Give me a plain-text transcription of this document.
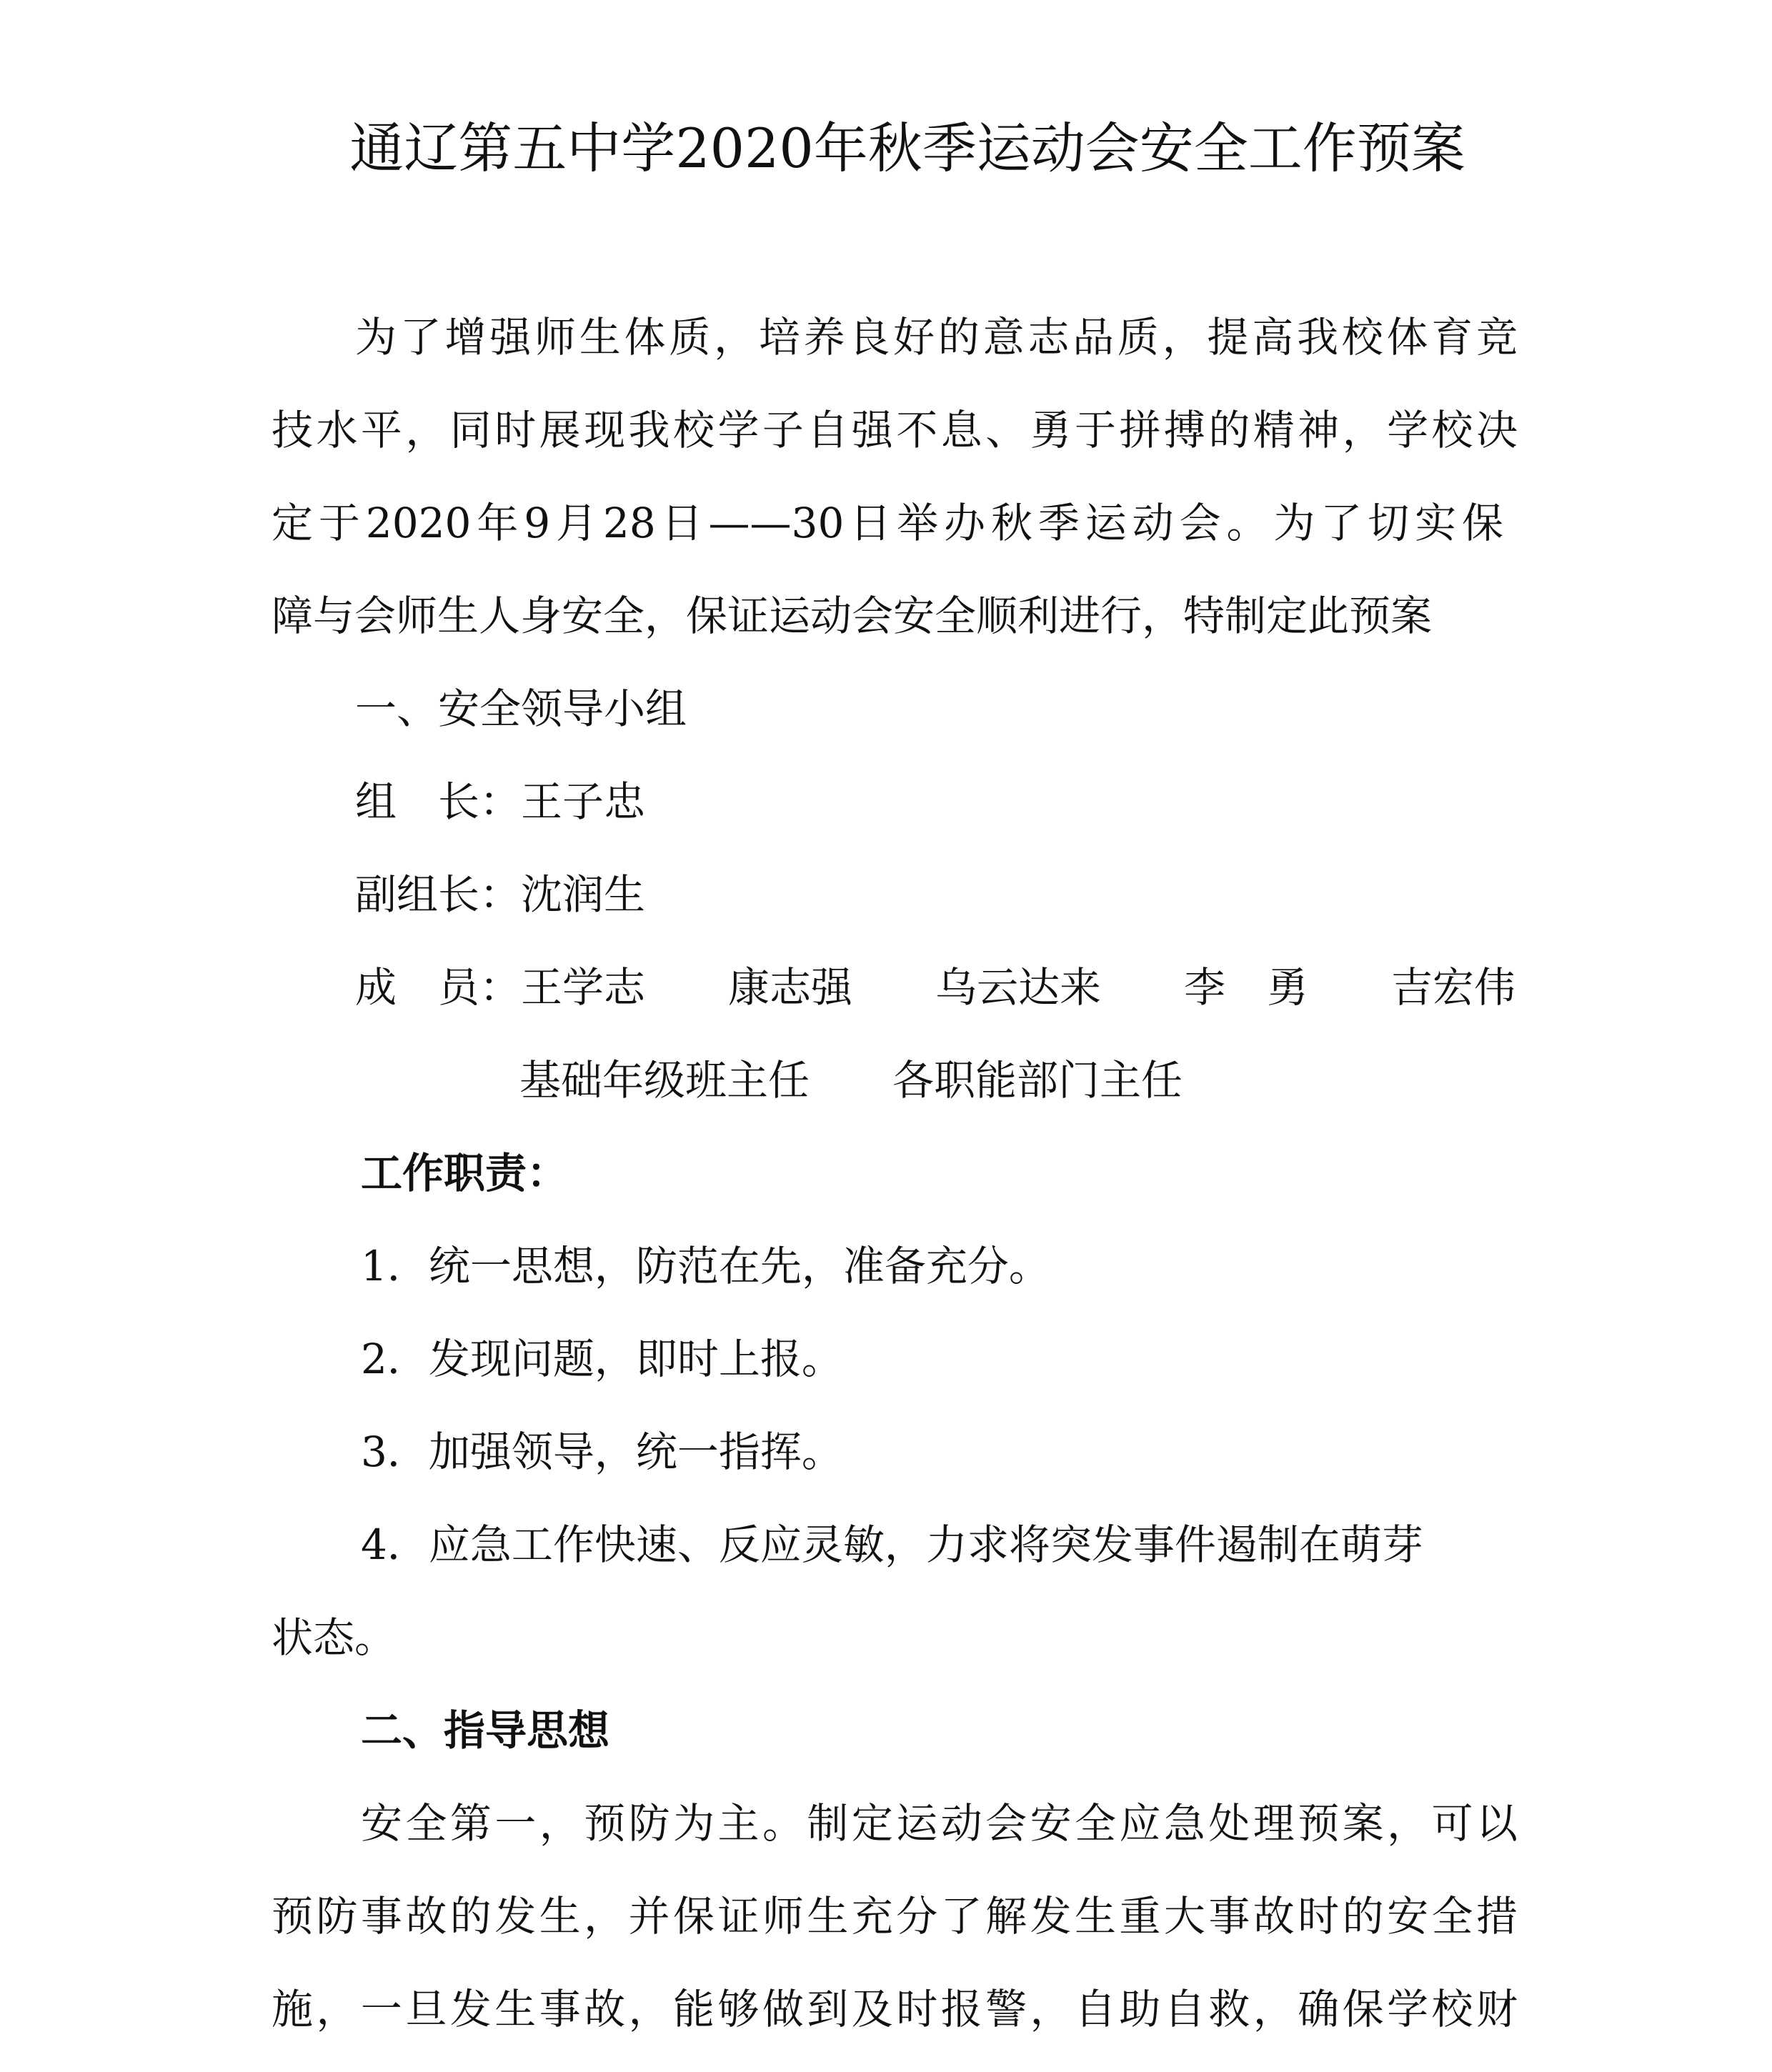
通辽第五中学2020年秋季运动会安全工作预案
为了增强师生体质，培养良好的意志品质，提高我校体育竞
技水平，同时展现我校学子自强不息、勇于拼搏的精神，学校决
定于2020年9月28日——30日举办秋季运动会。为了切实保
障与会师生人身安全，保证运动会安全顺利进行，特制定此预案
一、安全领导小组
组　长：王子忠
副组长：沈润生
成　员：王学志　　康志强　　乌云达来　　李　勇　　吉宏伟
基础年级班主任　　各职能部门主任
工作职责：
1．统一思想，防范在先，准备充分。
2．发现问题，即时上报。
3．加强领导，统一指挥。
4．应急工作快速、反应灵敏，力求将突发事件遏制在萌芽
状态。
二、指导思想
安全第一，预防为主。制定运动会安全应急处理预案，可以
预防事故的发生，并保证师生充分了解发生重大事故时的安全措
施，一旦发生事故，能够做到及时报警，自助自救，确保学校财
